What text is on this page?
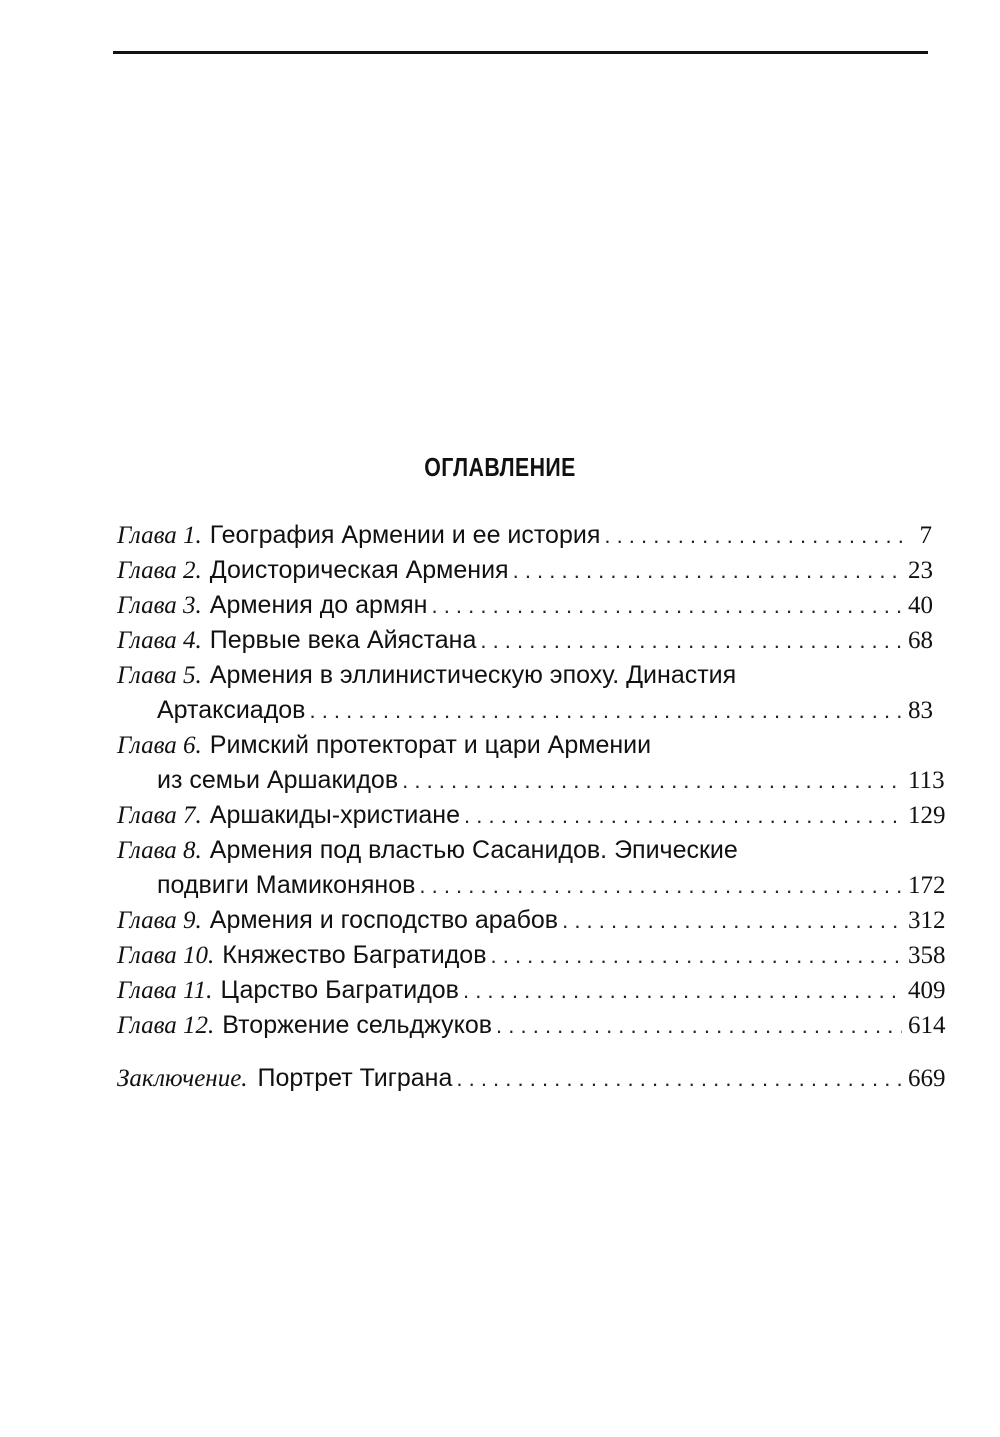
ОГЛАВЛЕНИЕ
Глава 1. География Армении и ее история . . .	7
Глава 2. Доисторическая Армения . . .	23
Глава 3. Армения до армян . . .	40
Глава 4. Первые века Айястана . . .	68
Глава 5. Армения в эллинистическую эпоху. Династия
Артаксиадов . . .	83
Глава 6. Римский протекторат и цари Армении
из семьи Аршакидов . . .	113
Глава 7. Аршакиды-христиане . . .	129
Глава 8. Армения под властью Сасанидов. Эпические
подвиги Мамиконянов . . .	172
Глава 9. Армения и господство арабов . . .	312
Глава 10. Княжество Багратидов . . .	358
Глава 11. Царство Багратидов . . .	409
Глава 12. Вторжение сельджуков . . .	614
Заключение. Портрет Тиграна . . .	669
